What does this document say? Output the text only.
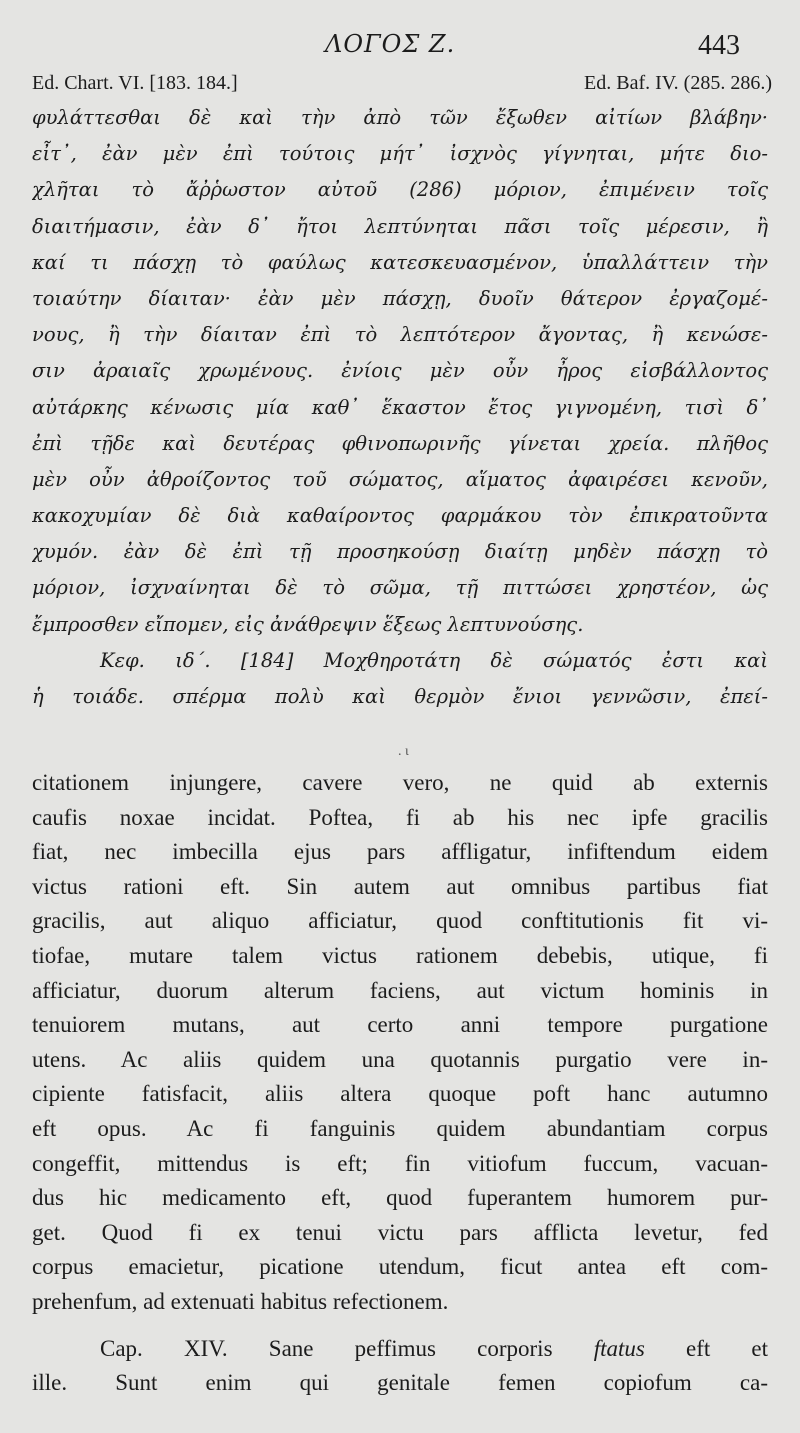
ΛΟΓΟΣ Ζ.	443
Ed. Chart. VI. [183. 184.]	Ed. Baf. IV. (285. 286.)
φυλάττεσθαι δὲ καὶ τὴν ἀπὸ τῶν ἔξωθεν αἰτίων βλάβην·
εἶτ᾽, ἐὰν μὲν ἐπὶ τούτοις μήτ᾽ ἰσχνὸς γίγνηται, μήτε διο-
χλῆται τὸ ἄῤῥωστον αὐτοῦ (286) μόριον, ἐπιμένειν τοῖς
διαιτήμασιν, ἐὰν δ᾽ ἤτοι λεπτύνηται πᾶσι τοῖς μέρεσιν, ἢ
καί τι πάσχῃ τὸ φαύλως κατεσκευασμένον, ὑπαλλάττειν τὴν
τοιαύτην δίαιταν· ἐὰν μὲν πάσχῃ, δυοῖν θάτερον ἐργαζομέ-
νους, ἢ τὴν δίαιταν ἐπὶ τὸ λεπτότερον ἄγοντας, ἢ κενώσε-
σιν ἀραιαῖς χρωμένους. ἐνίοις μὲν οὖν ἦρος εἰσβάλλοντος
αὐτάρκης κένωσις μία καθ᾽ ἕκαστον ἔτος γιγνομένη, τισὶ δ᾽
ἐπὶ τῇδε καὶ δευτέρας φθινοπωρινῆς γίνεται χρεία. πλῆθος
μὲν οὖν ἀθροίζοντος τοῦ σώματος, αἵματος ἀφαιρέσει κενοῦν,
κακοχυμίαν δὲ διὰ καθαίροντος φαρμάκου τὸν ἐπικρατοῦντα
χυμόν. ἐὰν δὲ ἐπὶ τῇ προσηκούσῃ διαίτῃ μηδὲν πάσχῃ τὸ
μόριον, ἰσχναίνηται δὲ τὸ σῶμα, τῇ πιττώσει χρηστέον, ὡς
ἔμπροσθεν εἴπομεν, εἰς ἀνάθρεψιν ἕξεως λεπτυνούσης.
Κεφ. ιδ΄. [184] Μοχθηροτάτη δὲ σώματός ἐστι καὶ
ἡ τοιάδε. σπέρμα πολὺ καὶ θερμὸν ἔνιοι γεννῶσιν, ἐπεί-
. ι
citationem injungere, cavere vero, ne quid ab externis
caufis noxae incidat. Poftea, fi ab his nec ipfe gracilis
fiat, nec imbecilla ejus pars affligatur, infiftendum eidem
victus rationi eft. Sin autem aut omnibus partibus fiat
gracilis, aut aliquo afficiatur, quod conftitutionis fit vi-
tiofae, mutare talem victus rationem debebis, utique, fi
afficiatur, duorum alterum faciens, aut victum hominis in
tenuiorem mutans, aut certo anni tempore purgatione
utens. Ac aliis quidem una quotannis purgatio vere in-
cipiente fatisfacit, aliis altera quoque poft hanc autumno
eft opus. Ac fi fanguinis quidem abundantiam corpus
congeffit, mittendus is eft; fin vitiofum fuccum, vacuan-
dus hic medicamento eft, quod fuperantem humorem pur-
get. Quod fi ex tenui victu pars afflicta levetur, fed
corpus emacietur, picatione utendum, ficut antea eft com-
prehenfum, ad extenuati habitus refectionem.
Cap. XIV. Sane peffimus corporis ftatus eft et
ille. Sunt enim qui genitale femen copiofum ca-
